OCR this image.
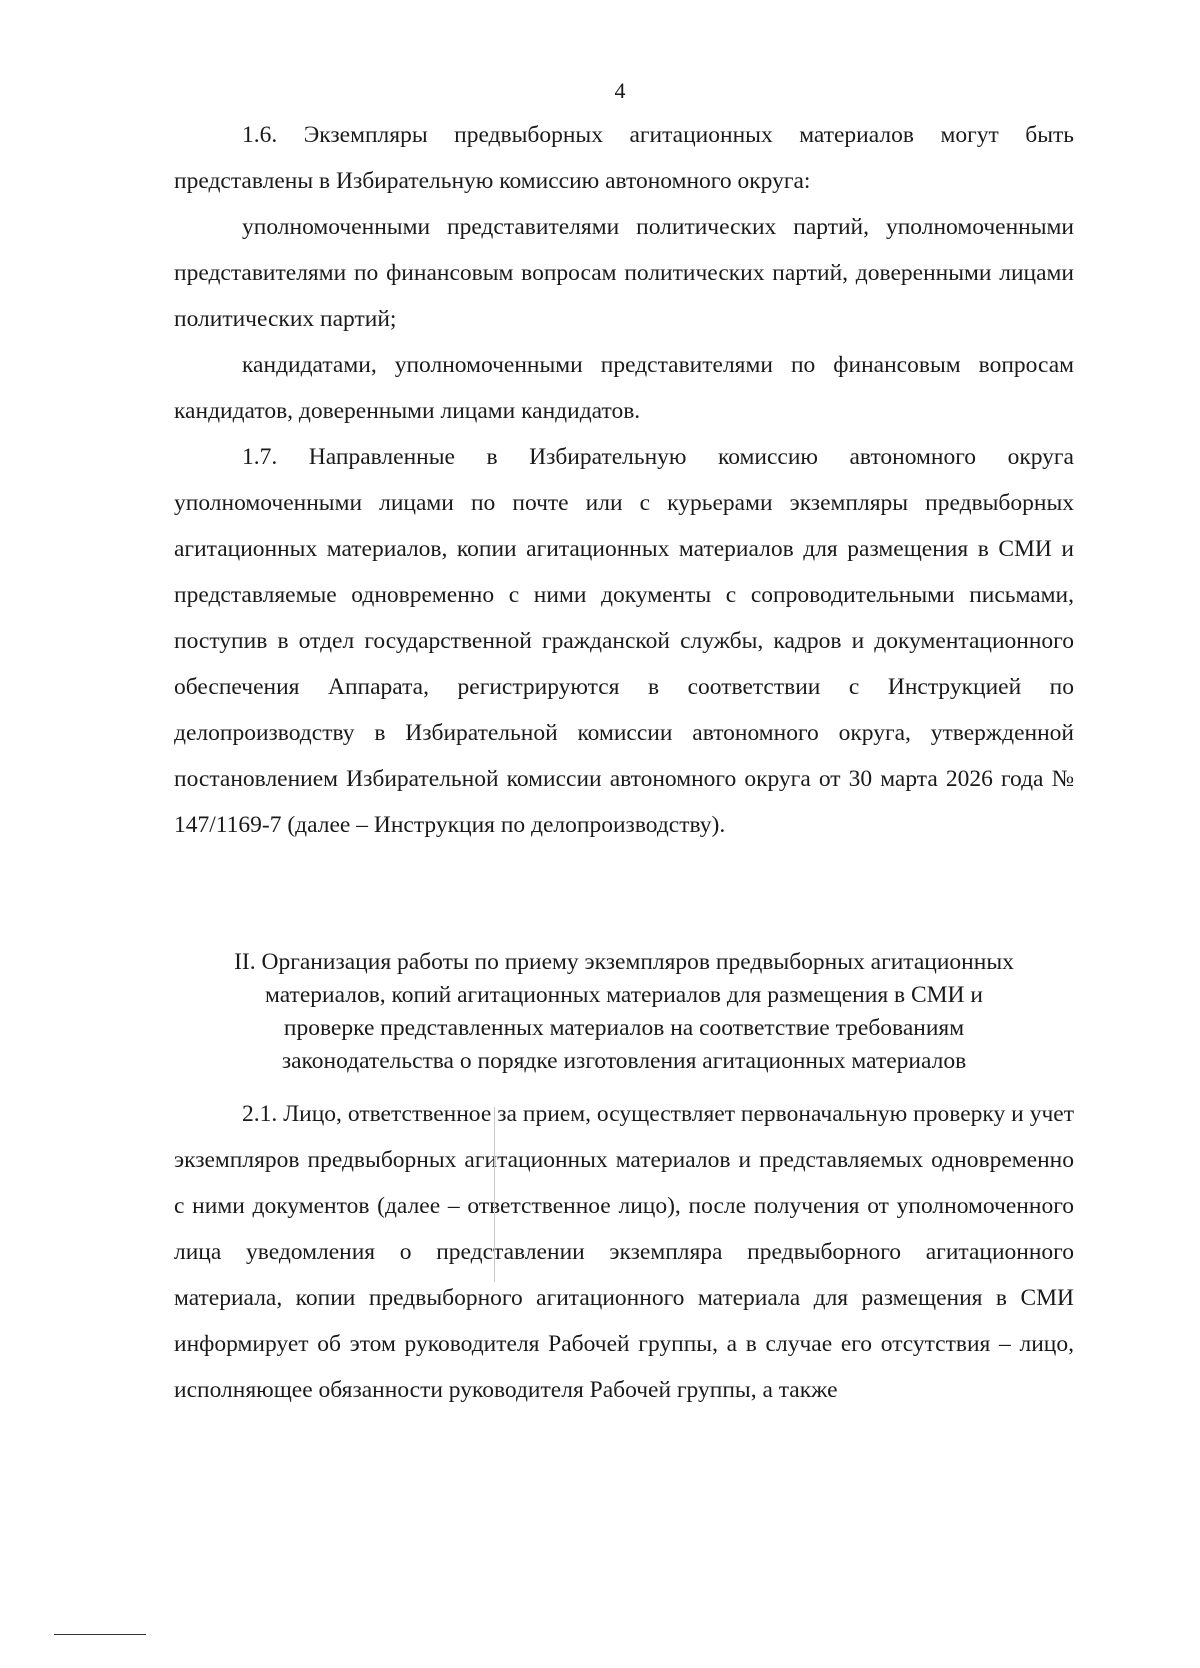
4

1.6. Экземпляры предвыборных агитационных материалов могут быть представлены в Избирательную комиссию автономного округа:

уполномоченными представителями политических партий, уполномоченными представителями по финансовым вопросам политических партий, доверенными лицами политических партий;

кандидатами, уполномоченными представителями по финансовым вопросам кандидатов, доверенными лицами кандидатов.

1.7. Направленные в Избирательную комиссию автономного округа уполномоченными лицами по почте или с курьерами экземпляры предвыборных агитационных материалов, копии агитационных материалов для размещения в СМИ и представляемые одновременно с ними документы с сопроводительными письмами, поступив в отдел государственной гражданской службы, кадров и документационного обеспечения Аппарата, регистрируются в соответствии с Инструкцией по делопроизводству в Избирательной комиссии автономного округа, утвержденной постановлением Избирательной комиссии автономного округа от 30 марта 2026 года № 147/1169-7 (далее – Инструкция по делопроизводству).

II. Организация работы по приему экземпляров предвыборных агитационных
материалов, копий агитационных материалов для размещения в СМИ и
проверке представленных материалов на соответствие требованиям
законодательства о порядке изготовления агитационных материалов

2.1. Лицо, ответственное за прием, осуществляет первоначальную проверку и учет экземпляров предвыборных агитационных материалов и представляемых одновременно с ними документов (далее – ответственное лицо), после получения от уполномоченного лица уведомления о представлении экземпляра предвыборного агитационного материала, копии предвыборного агитационного материала для размещения в СМИ информирует об этом руководителя Рабочей группы, а в случае его отсутствия – лицо, исполняющее обязанности руководителя Рабочей группы, а также
